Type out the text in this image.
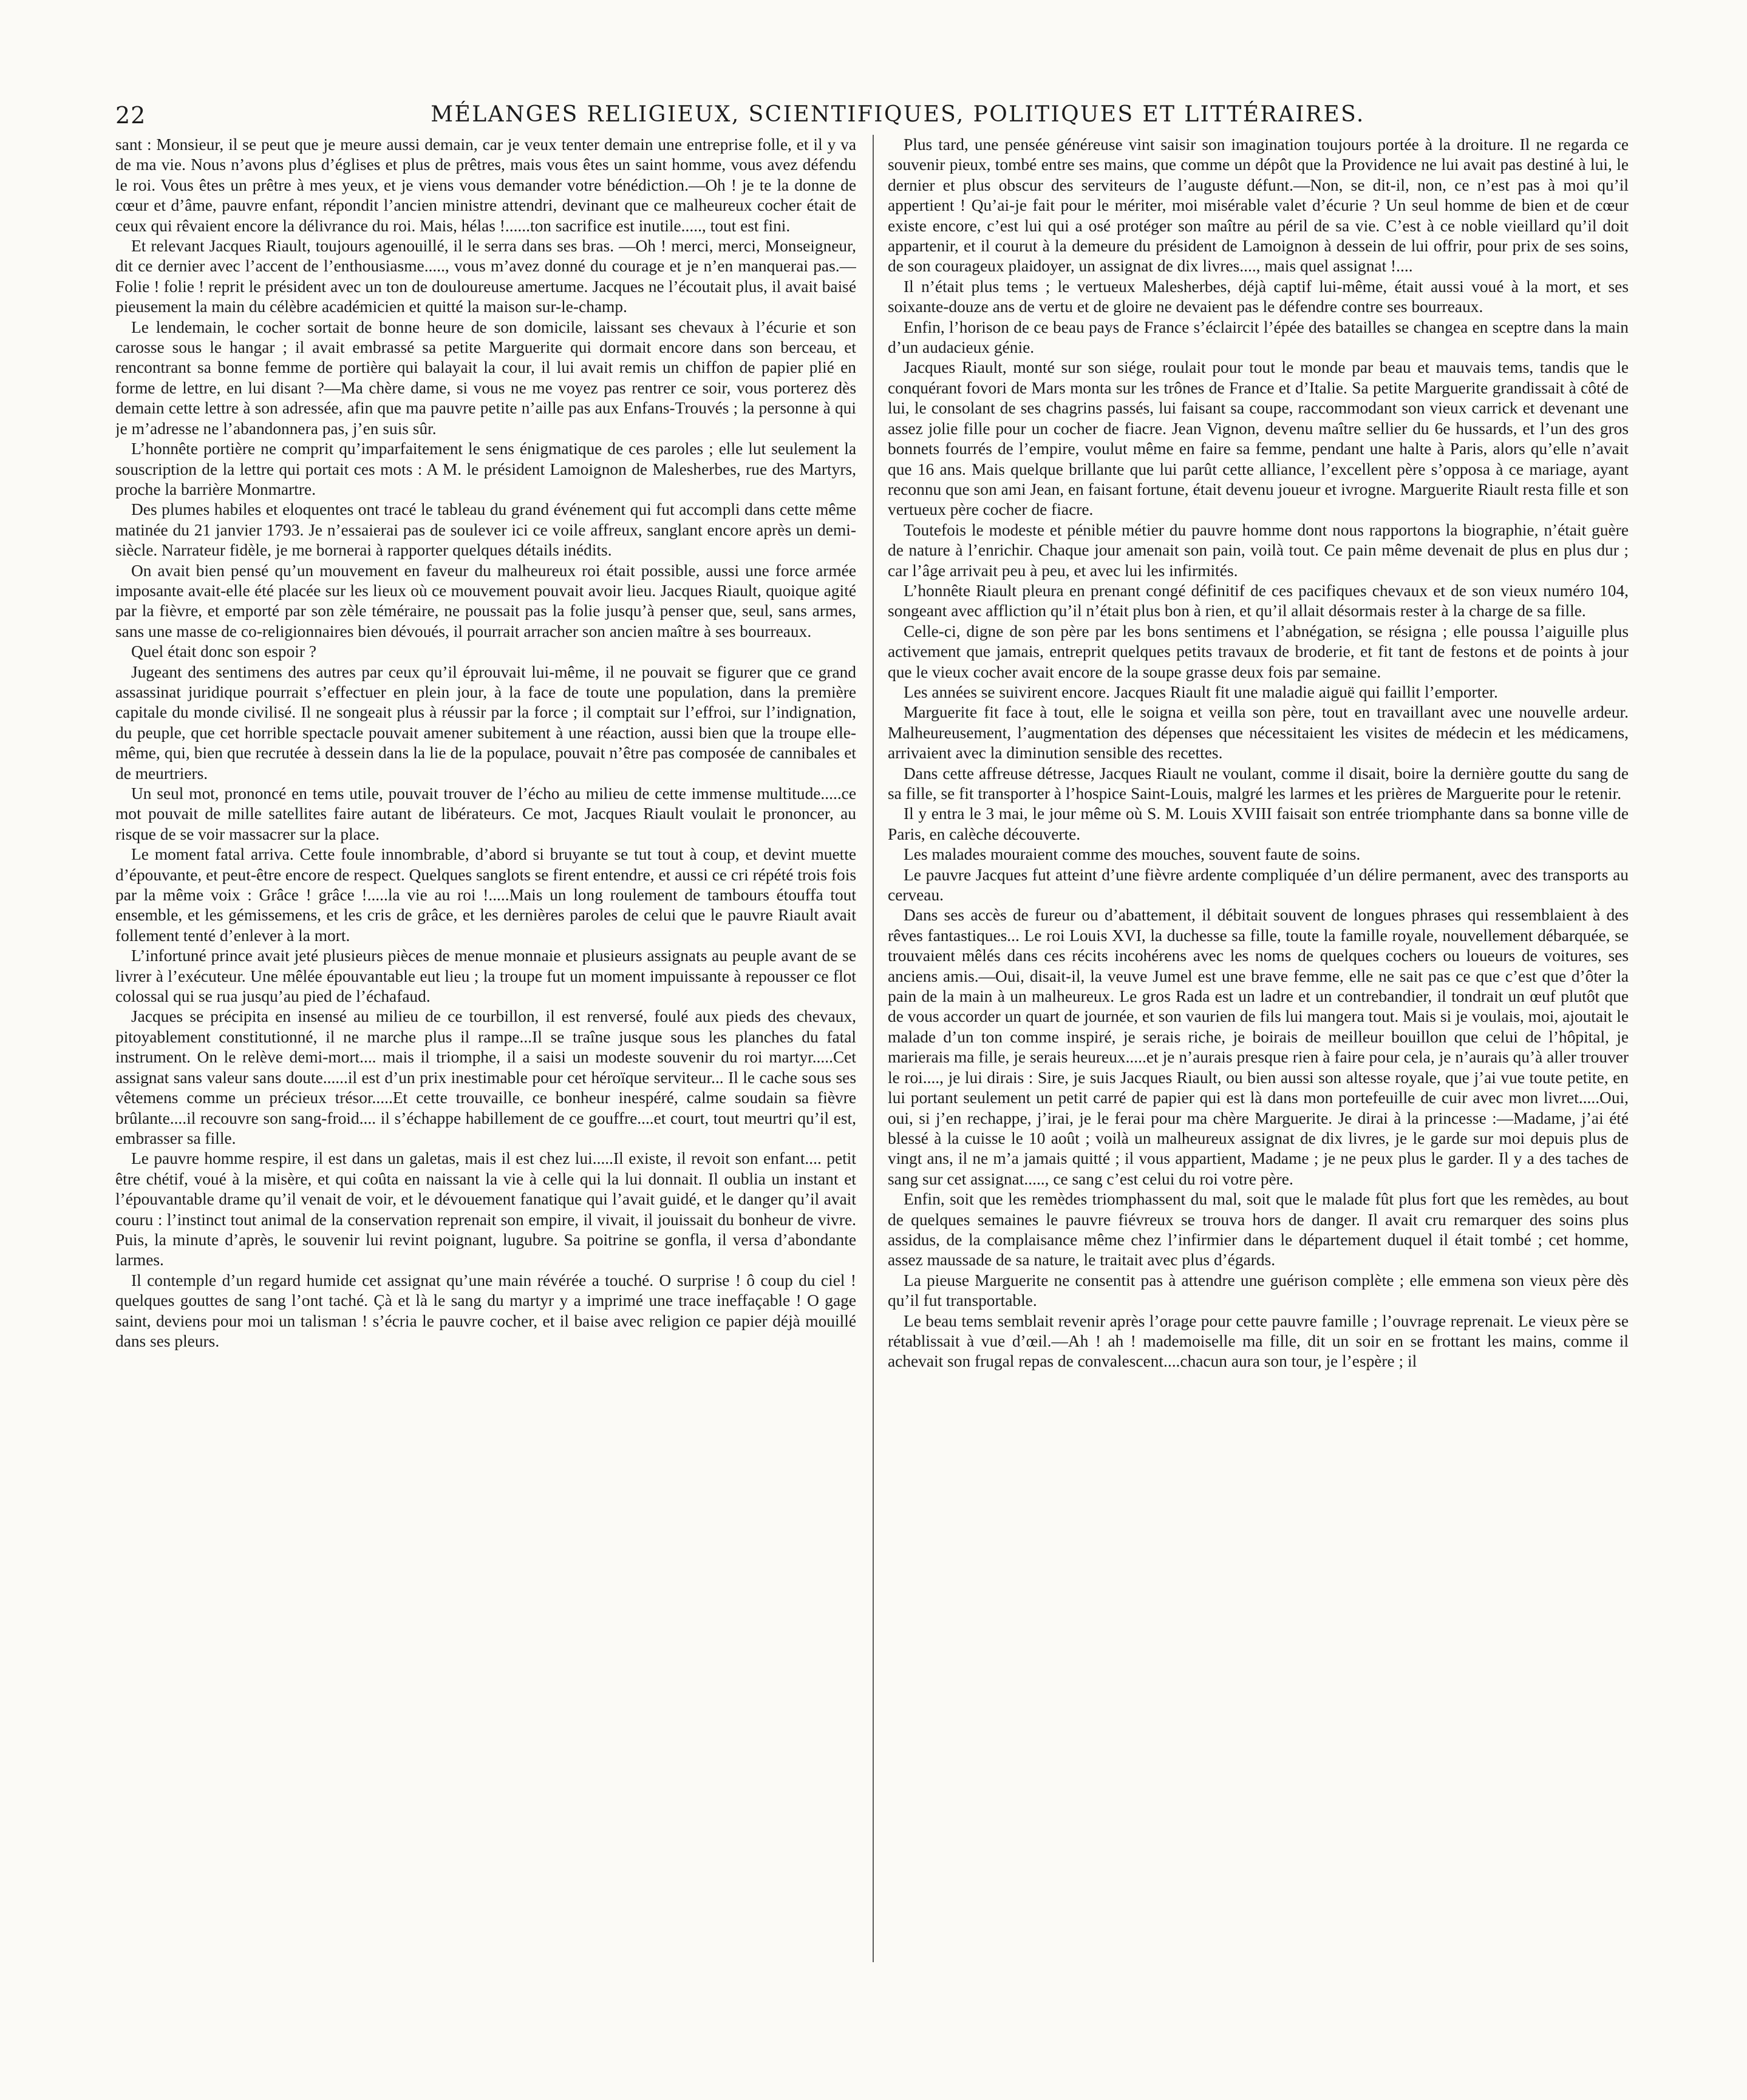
22	MÉLANGES RELIGIEUX, SCIENTIFIQUES, POLITIQUES ET LITTÉRAIRES.

sant : Monsieur, il se peut que je meure aussi demain, car je veux tenter demain une entreprise folle, et il y va de ma vie. Nous n’avons plus d’églises et plus de prêtres, mais vous êtes un saint homme, vous avez défendu le roi. Vous êtes un prêtre à mes yeux, et je viens vous demander votre bénédiction.—Oh ! je te la donne de cœur et d’âme, pauvre enfant, répondit l’ancien ministre attendri, devinant que ce malheureux cocher était de ceux qui rêvaient encore la délivrance du roi. Mais, hélas !......ton sacrifice est inutile....., tout est fini.

Et relevant Jacques Riault, toujours agenouillé, il le serra dans ses bras. —Oh ! merci, merci, Monseigneur, dit ce dernier avec l’accent de l’enthousiasme....., vous m’avez donné du courage et je n’en manquerai pas.—Folie ! folie ! reprit le président avec un ton de douloureuse amertume. Jacques ne l’écoutait plus, il avait baisé pieusement la main du célèbre académicien et quitté la maison sur-le-champ.

Le lendemain, le cocher sortait de bonne heure de son domicile, laissant ses chevaux à l’écurie et son carosse sous le hangar ; il avait embrassé sa petite Marguerite qui dormait encore dans son berceau, et rencontrant sa bonne femme de portière qui balayait la cour, il lui avait remis un chiffon de papier plié en forme de lettre, en lui disant ?—Ma chère dame, si vous ne me voyez pas rentrer ce soir, vous porterez dès demain cette lettre à son adressée, afin que ma pauvre petite n’aille pas aux Enfans-Trouvés ; la personne à qui je m’adresse ne l’abandonnera pas, j’en suis sûr.

L’honnête portière ne comprit qu’imparfaitement le sens énigmatique de ces paroles ; elle lut seulement la souscription de la lettre qui portait ces mots : A M. le président Lamoignon de Malesherbes, rue des Martyrs, proche la barrière Monmartre.

Des plumes habiles et eloquentes ont tracé le tableau du grand événement qui fut accompli dans cette même matinée du 21 janvier 1793. Je n’essaierai pas de soulever ici ce voile affreux, sanglant encore après un demi-siècle. Narrateur fidèle, je me bornerai à rapporter quelques détails inédits.

On avait bien pensé qu’un mouvement en faveur du malheureux roi était possible, aussi une force armée imposante avait-elle été placée sur les lieux où ce mouvement pouvait avoir lieu. Jacques Riault, quoique agité par la fièvre, et emporté par son zèle téméraire, ne poussait pas la folie jusqu’à penser que, seul, sans armes, sans une masse de co-religionnaires bien dévoués, il pourrait arracher son ancien maître à ses bourreaux.

Quel était donc son espoir ?

Jugeant des sentimens des autres par ceux qu’il éprouvait lui-même, il ne pouvait se figurer que ce grand assassinat juridique pourrait s’effectuer en plein jour, à la face de toute une population, dans la première capitale du monde civilisé. Il ne songeait plus à réussir par la force ; il comptait sur l’effroi, sur l’indignation, du peuple, que cet horrible spectacle pouvait amener subitement à une réaction, aussi bien que la troupe elle-même, qui, bien que recrutée à dessein dans la lie de la populace, pouvait n’être pas composée de cannibales et de meurtriers.

Un seul mot, prononcé en tems utile, pouvait trouver de l’écho au milieu de cette immense multitude.....ce mot pouvait de mille satellites faire autant de libérateurs. Ce mot, Jacques Riault voulait le prononcer, au risque de se voir massacrer sur la place.

Le moment fatal arriva. Cette foule innombrable, d’abord si bruyante se tut tout à coup, et devint muette d’épouvante, et peut-être encore de respect. Quelques sanglots se firent entendre, et aussi ce cri répété trois fois par la même voix : Grâce ! grâce !.....la vie au roi !.....Mais un long roulement de tambours étouffa tout ensemble, et les gémissemens, et les cris de grâce, et les dernières paroles de celui que le pauvre Riault avait follement tenté d’enlever à la mort.

L’infortuné prince avait jeté plusieurs pièces de menue monnaie et plusieurs assignats au peuple avant de se livrer à l’exécuteur. Une mêlée épouvantable eut lieu ; la troupe fut un moment impuissante à repousser ce flot colossal qui se rua jusqu’au pied de l’échafaud.

Jacques se précipita en insensé au milieu de ce tourbillon, il est renversé, foulé aux pieds des chevaux, pitoyablement constitutionné, il ne marche plus il rampe...Il se traîne jusque sous les planches du fatal instrument. On le relève demi-mort.... mais il triomphe, il a saisi un modeste souvenir du roi martyr.....Cet assignat sans valeur sans doute......il est d’un prix inestimable pour cet héroïque serviteur... Il le cache sous ses vêtemens comme un précieux trésor.....Et cette trouvaille, ce bonheur inespéré, calme soudain sa fièvre brûlante....il recouvre son sang-froid.... il s’échappe habillement de ce gouffre....et court, tout meurtri qu’il est, embrasser sa fille.

Le pauvre homme respire, il est dans un galetas, mais il est chez lui.....Il existe, il revoit son enfant.... petit être chétif, voué à la misère, et qui coûta en naissant la vie à celle qui la lui donnait. Il oublia un instant et l’épouvantable drame qu’il venait de voir, et le dévouement fanatique qui l’avait guidé, et le danger qu’il avait couru : l’instinct tout animal de la conservation reprenait son empire, il vivait, il jouissait du bonheur de vivre. Puis, la minute d’après, le souvenir lui revint poignant, lugubre. Sa poitrine se gonfla, il versa d’abondante larmes.

Il contemple d’un regard humide cet assignat qu’une main révérée a touché. O surprise ! ô coup du ciel ! quelques gouttes de sang l’ont taché. Çà et là le sang du martyr y a imprimé une trace ineffaçable ! O gage saint, deviens pour moi un talisman ! s’écria le pauvre cocher, et il baise avec religion ce papier déjà mouillé dans ses pleurs.

Plus tard, une pensée généreuse vint saisir son imagination toujours portée à la droiture. Il ne regarda ce souvenir pieux, tombé entre ses mains, que comme un dépôt que la Providence ne lui avait pas destiné à lui, le dernier et plus obscur des serviteurs de l’auguste défunt.—Non, se dit-il, non, ce n’est pas à moi qu’il appertient ! Qu’ai-je fait pour le mériter, moi misérable valet d’écurie ? Un seul homme de bien et de cœur existe encore, c’est lui qui a osé protéger son maître au péril de sa vie. C’est à ce noble vieillard qu’il doit appartenir, et il courut à la demeure du président de Lamoignon à dessein de lui offrir, pour prix de ses soins, de son courageux plaidoyer, un assignat de dix livres...., mais quel assignat !....

Il n’était plus tems ; le vertueux Malesherbes, déjà captif lui-même, était aussi voué à la mort, et ses soixante-douze ans de vertu et de gloire ne devaient pas le défendre contre ses bourreaux.

Enfin, l’horison de ce beau pays de France s’éclaircit l’épée des batailles se changea en sceptre dans la main d’un audacieux génie.

Jacques Riault, monté sur son siége, roulait pour tout le monde par beau et mauvais tems, tandis que le conquérant fovori de Mars monta sur les trônes de France et d’Italie. Sa petite Marguerite grandissait à côté de lui, le consolant de ses chagrins passés, lui faisant sa coupe, raccommodant son vieux carrick et devenant une assez jolie fille pour un cocher de fiacre. Jean Vignon, devenu maître sellier du 6e hussards, et l’un des gros bonnets fourrés de l’empire, voulut même en faire sa femme, pendant une halte à Paris, alors qu’elle n’avait que 16 ans. Mais quelque brillante que lui parût cette alliance, l’excellent père s’opposa à ce mariage, ayant reconnu que son ami Jean, en faisant fortune, était devenu joueur et ivrogne. Marguerite Riault resta fille et son vertueux père cocher de fiacre.

Toutefois le modeste et pénible métier du pauvre homme dont nous rapportons la biographie, n’était guère de nature à l’enrichir. Chaque jour amenait son pain, voilà tout. Ce pain même devenait de plus en plus dur ; car l’âge arrivait peu à peu, et avec lui les infirmités.

L’honnête Riault pleura en prenant congé définitif de ces pacifiques chevaux et de son vieux numéro 104, songeant avec affliction qu’il n’était plus bon à rien, et qu’il allait désormais rester à la charge de sa fille.

Celle-ci, digne de son père par les bons sentimens et l’abnégation, se résigna ; elle poussa l’aiguille plus activement que jamais, entreprit quelques petits travaux de broderie, et fit tant de festons et de points à jour que le vieux cocher avait encore de la soupe grasse deux fois par semaine.

Les années se suivirent encore. Jacques Riault fit une maladie aiguë qui faillit l’emporter.

Marguerite fit face à tout, elle le soigna et veilla son père, tout en travaillant avec une nouvelle ardeur. Malheureusement, l’augmentation des dépenses que nécessitaient les visites de médecin et les médicamens, arrivaient avec la diminution sensible des recettes.

Dans cette affreuse détresse, Jacques Riault ne voulant, comme il disait, boire la dernière goutte du sang de sa fille, se fit transporter à l’hospice Saint-Louis, malgré les larmes et les prières de Marguerite pour le retenir.

Il y entra le 3 mai, le jour même où S. M. Louis XVIII faisait son entrée triomphante dans sa bonne ville de Paris, en calèche découverte.

Les malades mouraient comme des mouches, souvent faute de soins.

Le pauvre Jacques fut atteint d’une fièvre ardente compliquée d’un délire permanent, avec des transports au cerveau.

Dans ses accès de fureur ou d’abattement, il débitait souvent de longues phrases qui ressemblaient à des rêves fantastiques... Le roi Louis XVI, la duchesse sa fille, toute la famille royale, nouvellement débarquée, se trouvaient mêlés dans ces récits incohérens avec les noms de quelques cochers ou loueurs de voitures, ses anciens amis.—Oui, disait-il, la veuve Jumel est une brave femme, elle ne sait pas ce que c’est que d’ôter la pain de la main à un malheureux. Le gros Rada est un ladre et un contrebandier, il tondrait un œuf plutôt que de vous accorder un quart de journée, et son vaurien de fils lui mangera tout. Mais si je voulais, moi, ajoutait le malade d’un ton comme inspiré, je serais riche, je boirais de meilleur bouillon que celui de l’hôpital, je marierais ma fille, je serais heureux.....et je n’aurais presque rien à faire pour cela, je n’aurais qu’à aller trouver le roi...., je lui dirais : Sire, je suis Jacques Riault, ou bien aussi son altesse royale, que j’ai vue toute petite, en lui portant seulement un petit carré de papier qui est là dans mon portefeuille de cuir avec mon livret.....Oui, oui, si j’en rechappe, j’irai, je le ferai pour ma chère Marguerite. Je dirai à la princesse :—Madame, j’ai été blessé à la cuisse le 10 août ; voilà un malheureux assignat de dix livres, je le garde sur moi depuis plus de vingt ans, il ne m’a jamais quitté ; il vous appartient, Madame ; je ne peux plus le garder. Il y a des taches de sang sur cet assignat....., ce sang c’est celui du roi votre père.

Enfin, soit que les remèdes triomphassent du mal, soit que le malade fût plus fort que les remèdes, au bout de quelques semaines le pauvre fiévreux se trouva hors de danger. Il avait cru remarquer des soins plus assidus, de la complaisance même chez l’infirmier dans le département duquel il était tombé ; cet homme, assez maussade de sa nature, le traitait avec plus d’égards.

La pieuse Marguerite ne consentit pas à attendre une guérison complète ; elle emmena son vieux père dès qu’il fut transportable.

Le beau tems semblait revenir après l’orage pour cette pauvre famille ; l’ouvrage reprenait. Le vieux père se rétablissait à vue d’œil.—Ah ! ah ! mademoiselle ma fille, dit un soir en se frottant les mains, comme il achevait son frugal repas de convalescent....chacun aura son tour, je l’espère ; il
